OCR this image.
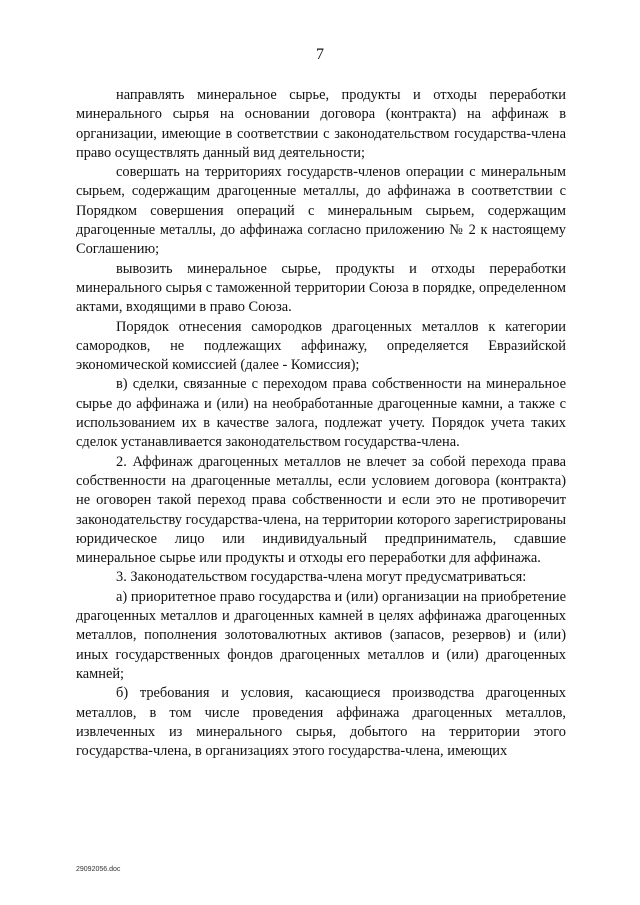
7

направлять минеральное сырье, продукты и отходы переработки минерального сырья на основании договора (контракта) на аффинаж в организации, имеющие в соответствии с законодательством государства-члена право осуществлять данный вид деятельности;

совершать на территориях государств-членов операции с минеральным сырьем, содержащим драгоценные металлы, до аффинажа в соответствии с Порядком совершения операций с минеральным сырьем, содержащим драгоценные металлы, до аффинажа согласно приложению № 2 к настоящему Соглашению;

вывозить минеральное сырье, продукты и отходы переработки минерального сырья с таможенной территории Союза в порядке, определенном актами, входящими в право Союза.

Порядок отнесения самородков драгоценных металлов к категории самородков, не подлежащих аффинажу, определяется Евразийской экономической комиссией (далее - Комиссия);

в) сделки, связанные с переходом права собственности на минеральное сырье до аффинажа и (или) на необработанные драгоценные камни, а также с использованием их в качестве залога, подлежат учету. Порядок учета таких сделок устанавливается законодательством государства-члена.

2. Аффинаж драгоценных металлов не влечет за собой перехода права собственности на драгоценные металлы, если условием договора (контракта) не оговорен такой переход права собственности и если это не противоречит законодательству государства-члена, на территории которого зарегистрированы юридическое лицо или индивидуальный предприниматель, сдавшие минеральное сырье или продукты и отходы его переработки для аффинажа.

3. Законодательством государства-члена могут предусматриваться:

а) приоритетное право государства и (или) организации на приобретение драгоценных металлов и драгоценных камней в целях аффинажа драгоценных металлов, пополнения золотовалютных активов (запасов, резервов) и (или) иных государственных фондов драгоценных металлов и (или) драгоценных камней;

б) требования и условия, касающиеся производства драгоценных металлов, в том числе проведения аффинажа драгоценных металлов, извлеченных из минерального сырья, добытого на территории этого государства-члена, в организациях этого государства-члена, имеющих

29092056.doc
